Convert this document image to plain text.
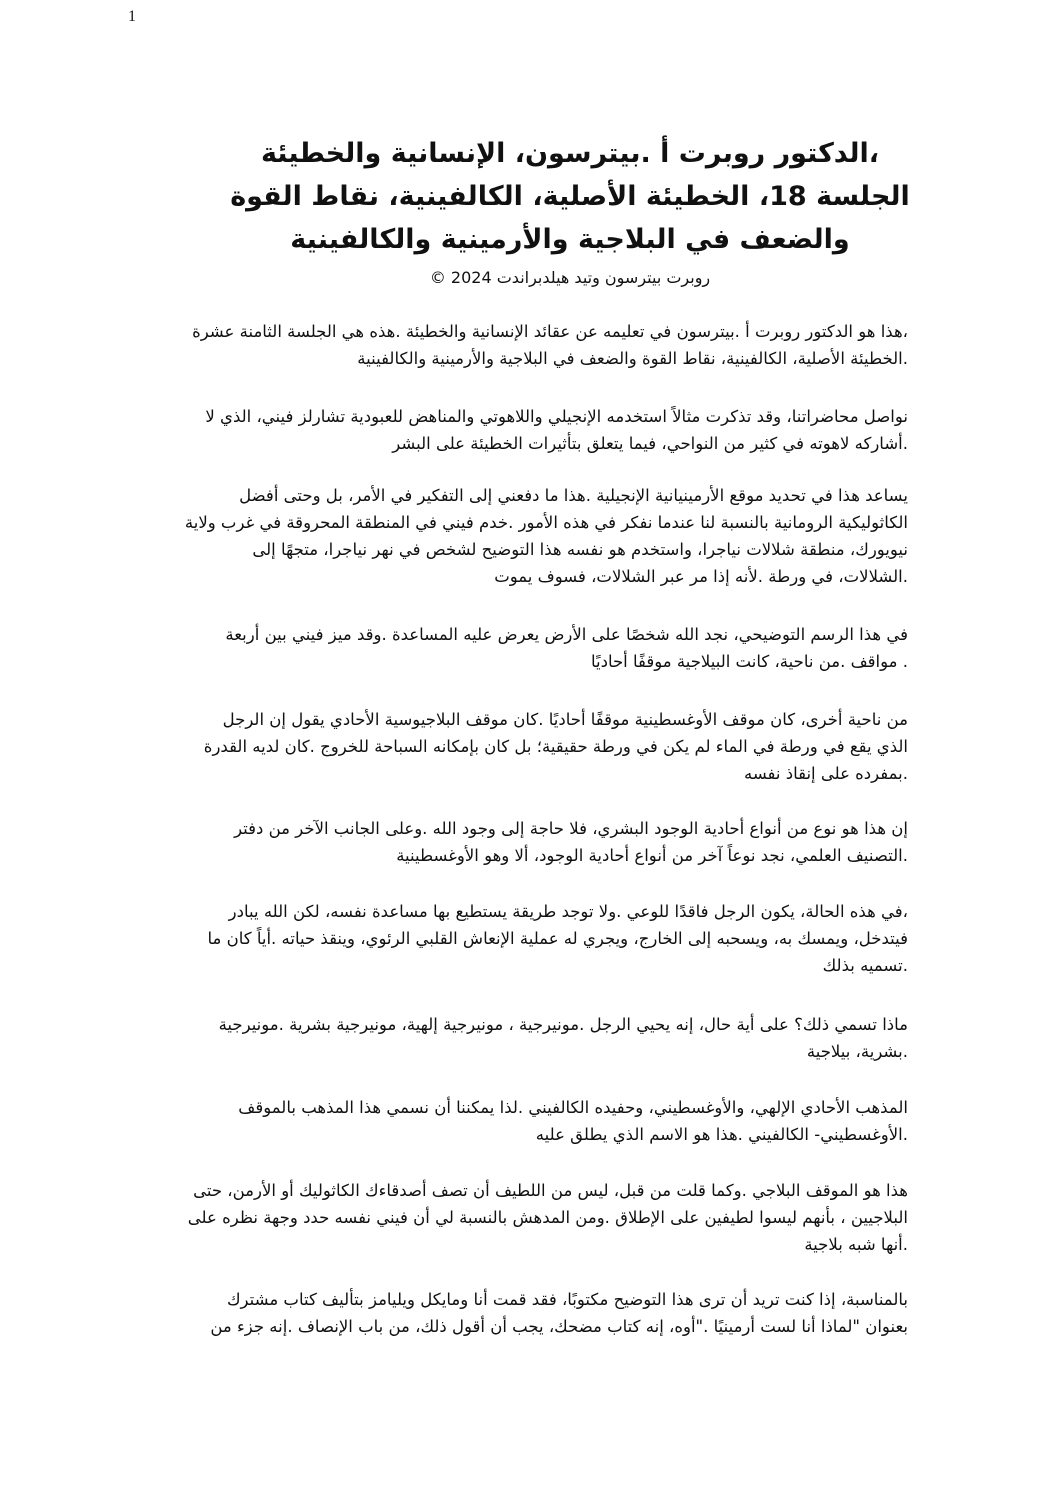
1
،الدكتور روبرت أ .بيترسون، الإنسانية والخطيئة
الجلسة 18، الخطيئة الأصلية، الكالفينية، نقاط القوة
والضعف في البلاجية والأرمينية والكالفينية
روبرت بيترسون وتيد هيلدبراندت 2024 ©
،هذا هو الدكتور روبرت أ .بيترسون في تعليمه عن عقائد الإنسانية والخطيئة .هذه هي الجلسة الثامنة عشرة
.الخطيئة الأصلية، الكالفينية، نقاط القوة والضعف في البلاجية والأرمينية والكالفينية
نواصل محاضراتنا، وقد تذكرت مثالاً استخدمه الإنجيلي واللاهوتي والمناهض للعبودية تشارلز فيني، الذي لا
.أشاركه لاهوته في كثير من النواحي، فيما يتعلق بتأثيرات الخطيئة على البشر
يساعد هذا في تحديد موقع الأرمينيانية الإنجيلية .هذا ما دفعني إلى التفكير في الأمر، بل وحتى أفضل
الكاثوليكية الرومانية بالنسبة لنا عندما نفكر في هذه الأمور .خدم فيني في المنطقة المحروقة في غرب ولاية
نيويورك، منطقة شلالات نياجرا، واستخدم هو نفسه هذا التوضيح لشخص في نهر نياجرا، متجهًا إلى
.الشلالات، في ورطة .لأنه إذا مر عبر الشلالات، فسوف يموت
في هذا الرسم التوضيحي، نجد الله شخصًا على الأرض يعرض عليه المساعدة .وقد ميز فيني بين أربعة
. مواقف .من ناحية، كانت البيلاجية موقفًا أحاديًا
من ناحية أخرى، كان موقف الأوغسطينية موقفًا أحاديًا .كان موقف البلاجيوسية الأحادي يقول إن الرجل
الذي يقع في ورطة في الماء لم يكن في ورطة حقيقية؛ بل كان بإمكانه السباحة للخروج .كان لديه القدرة
.بمفرده على إنقاذ نفسه
إن هذا هو نوع من أنواع أحادية الوجود البشري، فلا حاجة إلى وجود الله .وعلى الجانب الآخر من دفتر
.التصنيف العلمي، نجد نوعاً آخر من أنواع أحادية الوجود، ألا وهو الأوغسطينية
،في هذه الحالة، يكون الرجل فاقدًا للوعي .ولا توجد طريقة يستطيع بها مساعدة نفسه، لكن الله يبادر
فيتدخل، ويمسك به، ويسحبه إلى الخارج، ويجري له عملية الإنعاش القلبي الرئوي، وينقذ حياته .أياً كان ما
.تسميه بذلك
ماذا تسمي ذلك؟ على أية حال، إنه يحيي الرجل .مونيرجية ، مونيرجية إلهية، مونيرجية بشرية .مونيرجية
.بشرية، بيلاجية
المذهب الأحادي الإلهي، والأوغسطيني، وحفيده الكالفيني .لذا يمكننا أن نسمي هذا المذهب بالموقف
.الأوغسطيني- الكالفيني .هذا هو الاسم الذي يطلق عليه
هذا هو الموقف البلاجي .وكما قلت من قبل، ليس من اللطيف أن تصف أصدقاءك الكاثوليك أو الأرمن، حتى
البلاجيين ، بأنهم ليسوا لطيفين على الإطلاق .ومن المدهش بالنسبة لي أن فيني نفسه حدد وجهة نظره على
.أنها شبه بلاجية
بالمناسبة، إذا كنت تريد أن ترى هذا التوضيح مكتوبًا، فقد قمت أنا ومايكل ويليامز بتأليف كتاب مشترك
بعنوان "لماذا أنا لست أرمينيًا ."أوه، إنه كتاب مضحك، يجب أن أقول ذلك، من باب الإنصاف .إنه جزء من
